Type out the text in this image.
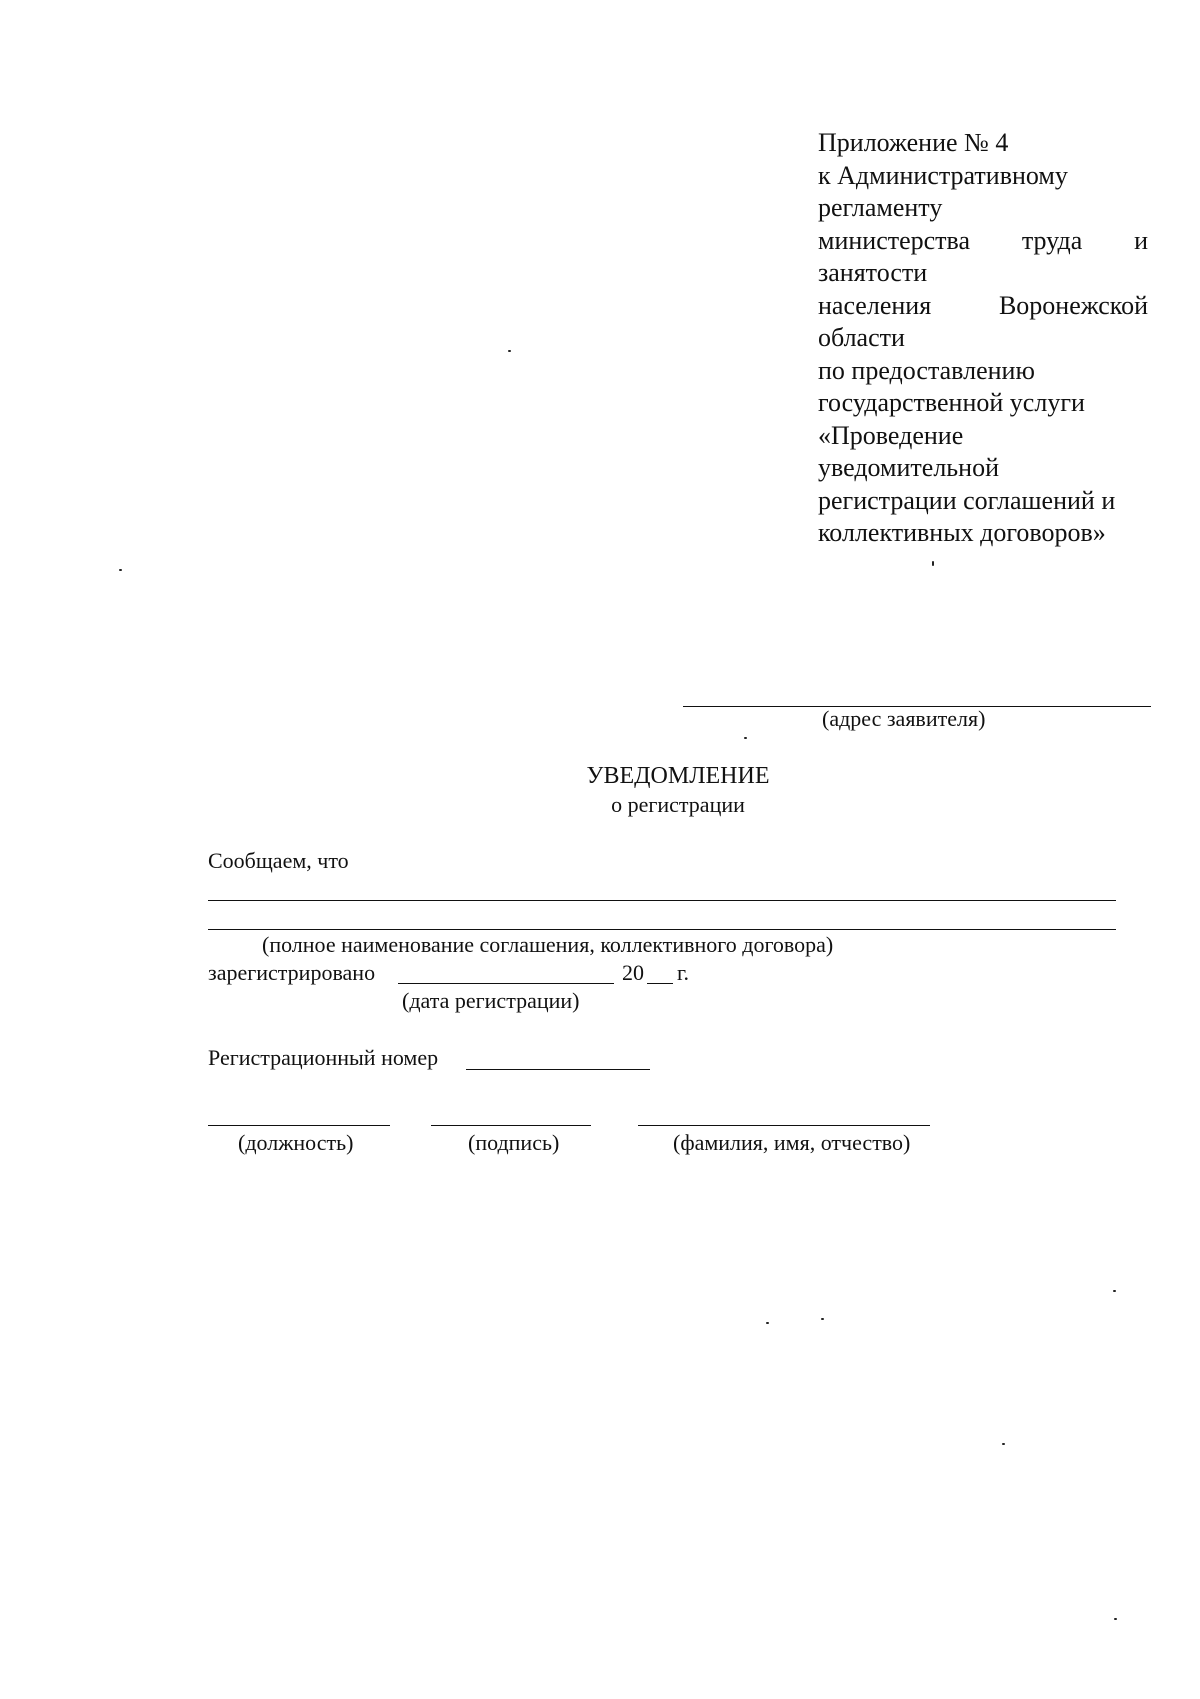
Приложение № 4
к Административному
регламенту
министерства труда и
занятости
населения	Воронежской
области
по предоставлению
государственной услуги
«Проведение
уведомительной
регистрации соглашений и
коллективных договоров»
(адрес заявителя)
УВЕДОМЛЕНИЕ
о регистрации
Сообщаем, что
(полное наименование соглашения, коллективного договора)
зарегистрировано	20 г.
(дата регистрации)
Регистрационный номер
(должность)	(подпись)	(фамилия, имя, отчество)
